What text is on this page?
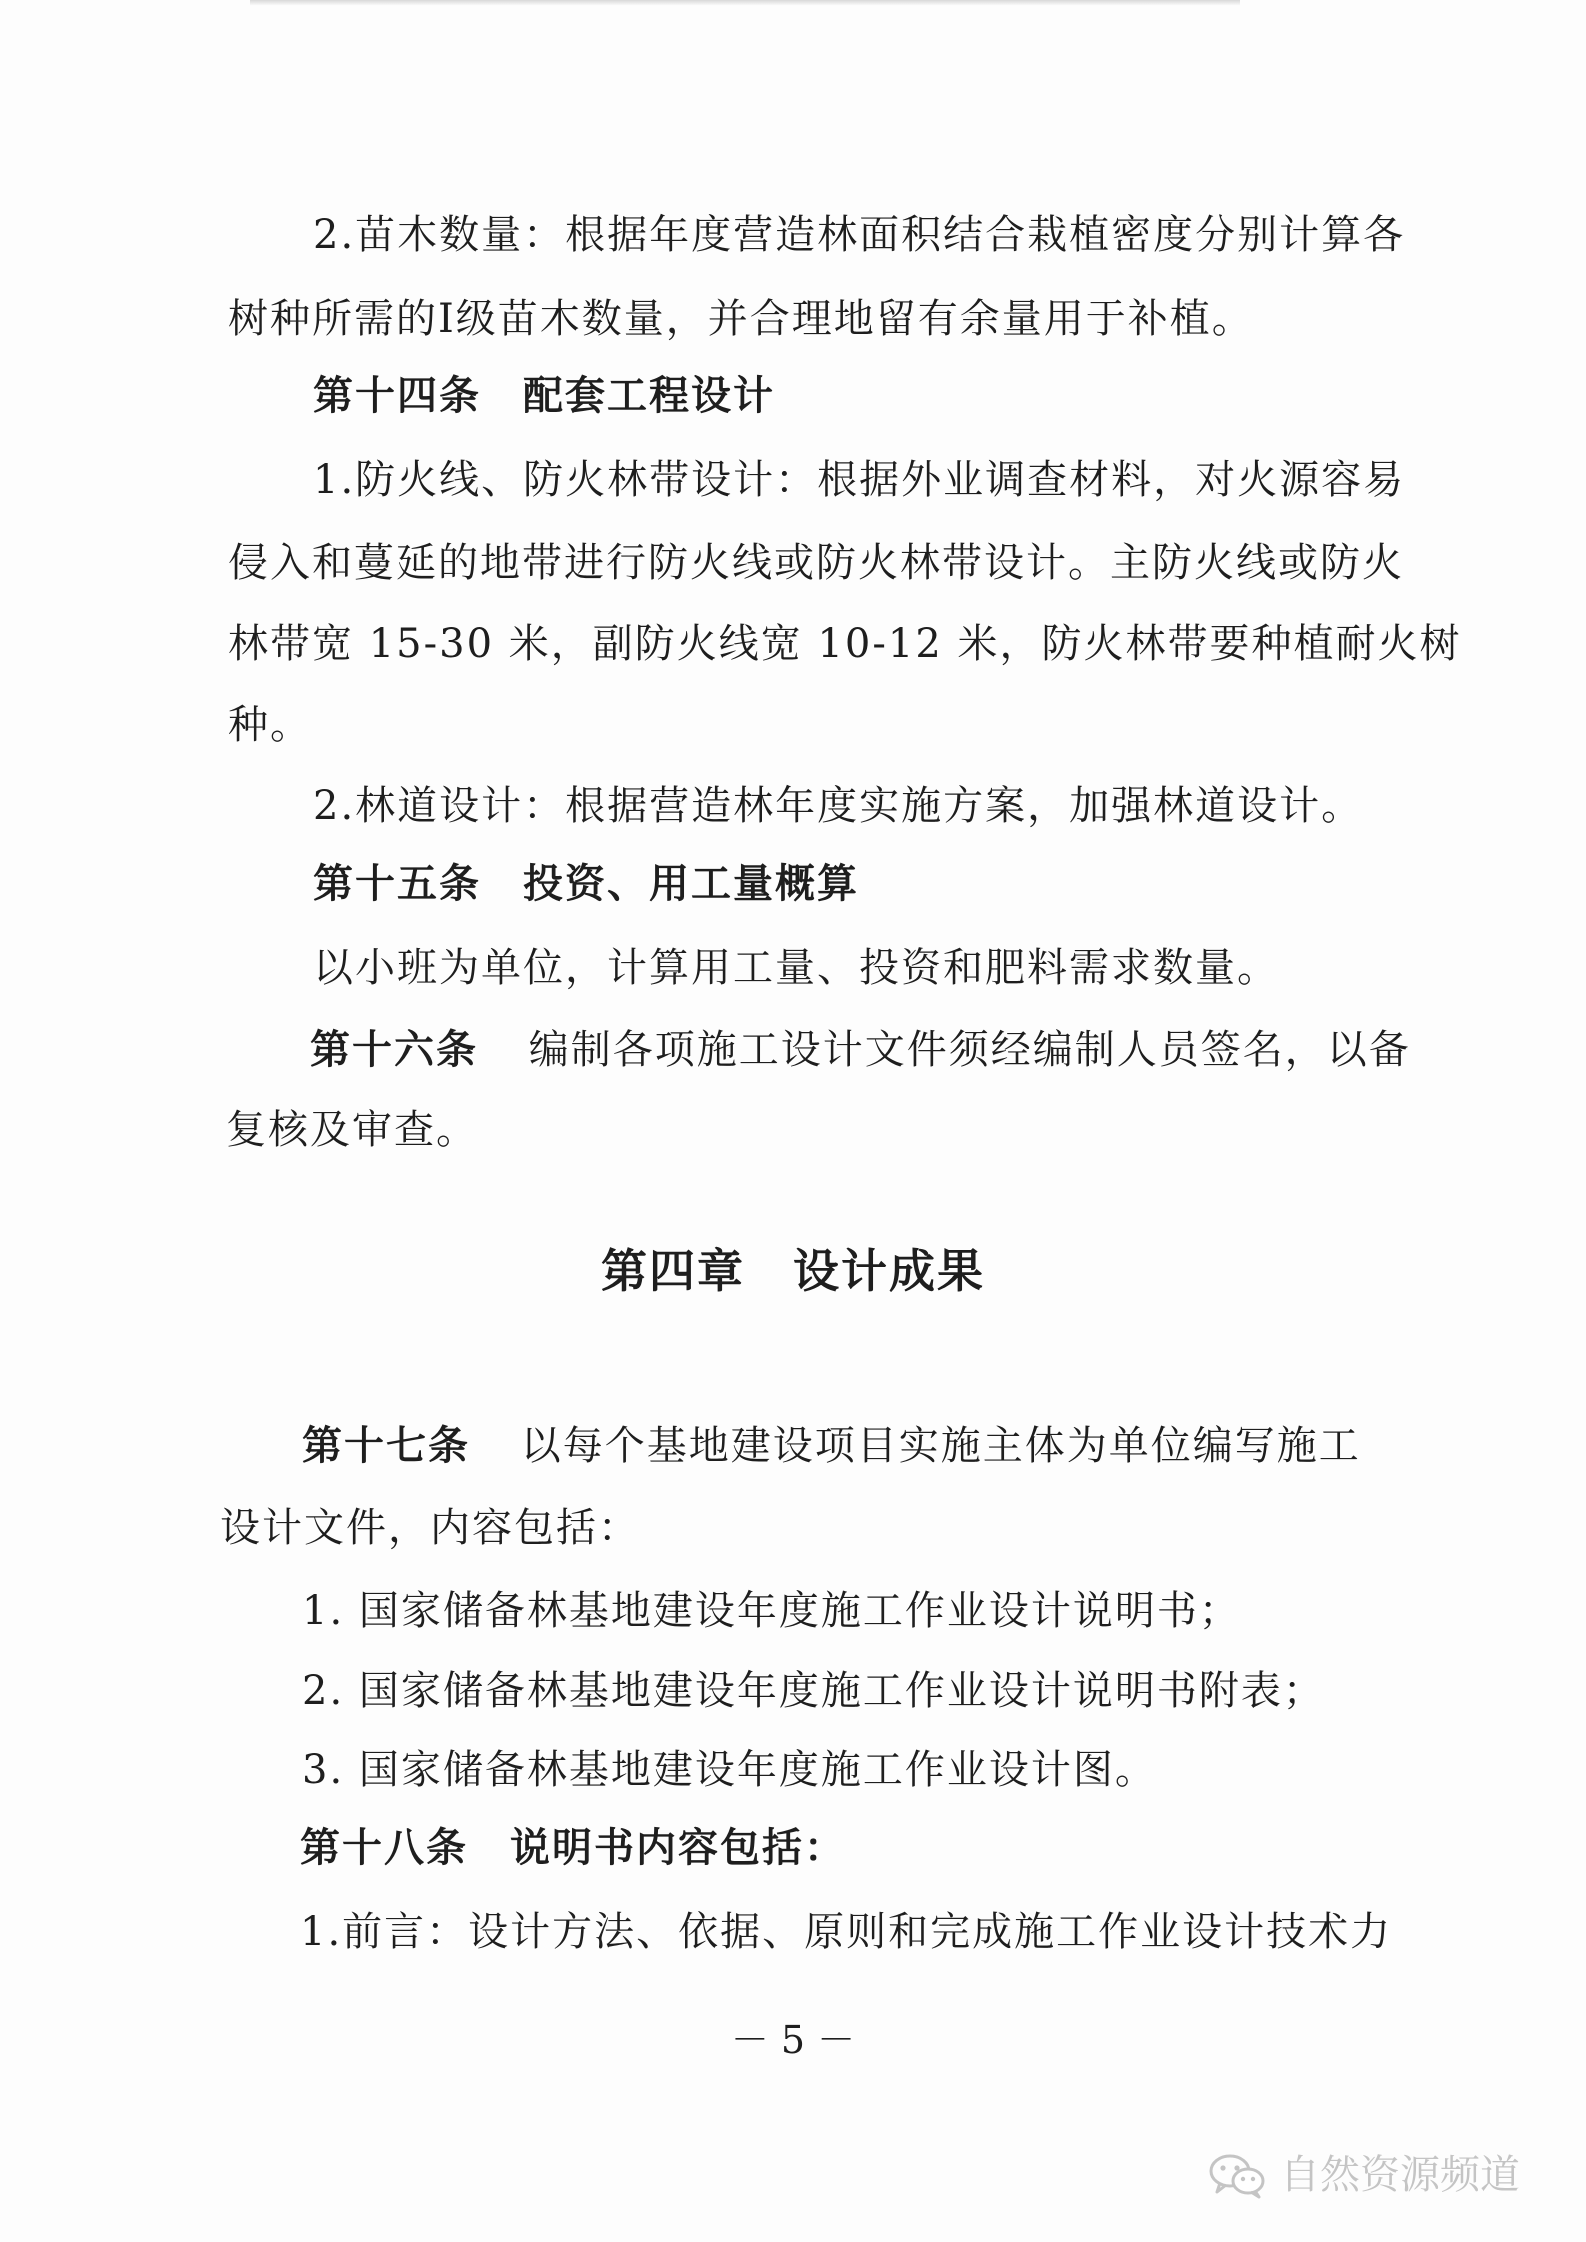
2.苗木数量：根据年度营造林面积结合栽植密度分别计算各
树种所需的Ⅰ级苗木数量，并合理地留有余量用于补植。
第十四条　配套工程设计
1.防火线、防火林带设计：根据外业调查材料，对火源容易
侵入和蔓延的地带进行防火线或防火林带设计。主防火线或防火
林带宽 15-30 米，副防火线宽 10-12 米，防火林带要种植耐火树
种。
2.林道设计：根据营造林年度实施方案，加强林道设计。
第十五条　投资、用工量概算
以小班为单位，计算用工量、投资和肥料需求数量。
第十六条 编制各项施工设计文件须经编制人员签名，以备
复核及审查。
第四章　设计成果
第十七条 以每个基地建设项目实施主体为单位编写施工
设计文件，内容包括：
1. 国家储备林基地建设年度施工作业设计说明书；
2. 国家储备林基地建设年度施工作业设计说明书附表；
3. 国家储备林基地建设年度施工作业设计图。
第十八条　说明书内容包括：
1.前言：设计方法、依据、原则和完成施工作业设计技术力
－ 5 －
自然资源频道
